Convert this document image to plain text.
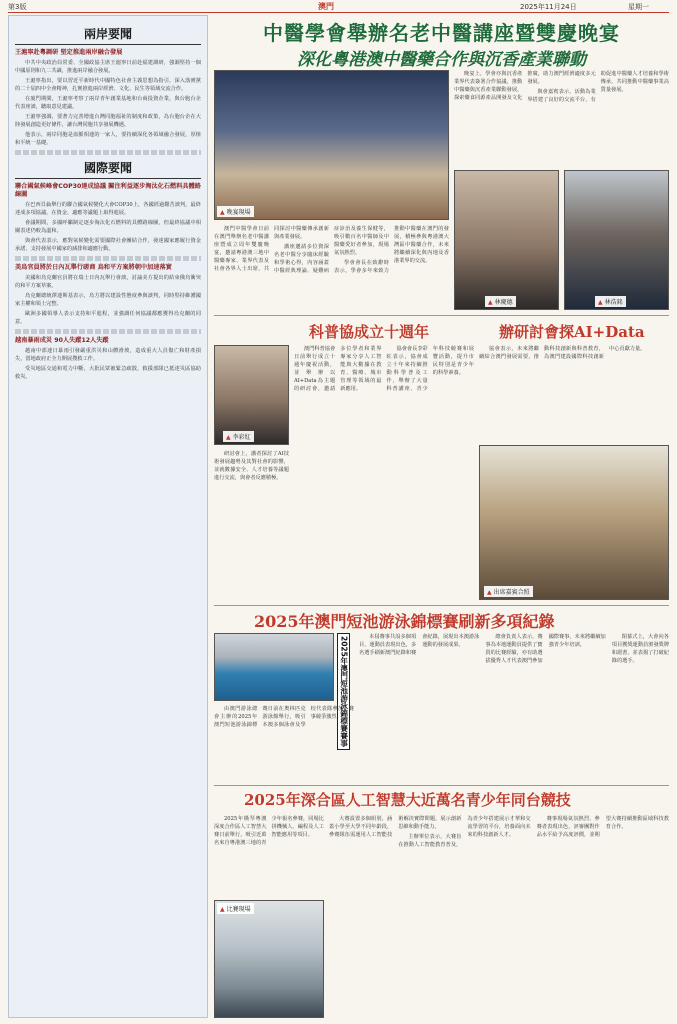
第3版	澳門	2025年11月24日	星期一
兩岸要聞
王滬寧赴粵調研 堅定推進兩岸融合發展

中共中央政治局常委、全國政協主席王滬寧日前赴福建調研，強調堅持一個中國原則和九二共識，推進兩岸融合發展。

王滬寧指出，要以習近平新時代中國特色社會主義思想為指引，深入落實黨的二十屆四中全會精神，扎實推進兩岸經濟、文化、民生等領域交流合作。

在廈門期間，王滬寧考察了兩岸青年創業基地和台商投資企業，與台胞台企代表座談，聽取意見建議。

王滬寧強調，要著力完善增進台灣同胞福祉的制度和政策，為台胞台企在大陸發展創造更好條件，讓台灣同胞共享發展機遇。

他表示，兩岸同胞是血脈相連的一家人，要持續深化各領域融合發展，厚植和平統一基礎。

國際要聞
聯合國氣候峰會COP30達成協議 關注利益逐步淘汰化石燃料具體路線圖

在巴西貝倫舉行的聯合國氣候變化大會COP30上，各國經過艱苦談判，最終達成多項協議，在資金、適應等議題上取得進展。

會議期間，多國呼籲制定逐步淘汰化石燃料的具體路線圖，但最終協議中相關表述仍較為溫和。

與會代表表示，應對氣候變化需要國際社會團結合作，發達國家應履行資金承諾，支持發展中國家的減排和適應行動。

美烏官員將於日內瓦舉行磋商 烏和平方案將朝中加速落實

美國和烏克蘭官員將在瑞士日內瓦舉行會談，討論美方提出的結束俄烏衝突的和平方案草案。

烏克蘭總統澤連斯基表示，烏方將以建設性態度參與談判，同時堅持維護國家主權和領土完整。

歐洲多國領導人表示支持和平進程，並強調任何協議都應獲得烏克蘭的同意。

越南暴雨成災 90人失蹤12人失蹤

越南中部連日暴雨引發嚴重洪災和山體滑坡，造成重大人員傷亡和財產損失，當地政府正全力開展搜救工作。

受災地區交通和電力中斷，大批民眾被緊急疏散，救援部隊已抵達災區協助救災。

中醫學會舉辦名老中醫講座暨雙慶晚宴
深化粵港澳中醫藥合作與沉香產業聯動
▲ 晚宴現場

澳門中醫學會日前在澳門舉辦名老中醫講座暨成立周年雙慶晚宴，邀請粵港澳三地中醫藥專家、業界代表及社會各界人士出席，共同探討中醫藥傳承創新與產業發展。

講座邀請多位資深名老中醫分享臨床經驗和學術心得，內容涵蓋中醫經典理論、疑難病症診治及養生保健等，吸引數百名中醫師及中醫藥愛好者參加，現場氣氛熱烈。

學會會長在致辭時表示，學會多年來致力推動中醫藥在澳門的發展，積極參與粵港澳大灣區中醫藥合作，未來將繼續深化與內地及香港業界的交流。

晚宴上，學會亦與沉香產業界代表簽署合作協議，推動中醫藥與沉香產業聯動發展，探索藥食同源產品開發及文化推廣，助力澳門經濟適度多元發展。

與會嘉賓表示，活動為業界搭建了良好的交流平台，有助促進中醫藥人才培養和學術傳承，共同推動中醫藥事業高質量發展。

▲ 林慶德	▲ 林浩銘
科普協成立十週年	辦研討會探AI+Data
▲ 李彩紅

澳門科普協會日前舉行成立十週年慶祝活動，並舉辦以AI+Data為主題的研討會，邀請多位學者和業界專家分享人工智能與大數據在教育、醫療、城市管理等領域的最新應用。

協會會長李彩紅表示，協會成立十年來持續推動科學普及工作，舉辦了大量科普講座、青少年科技競賽和展覽活動，提升市民特別是青少年的科學素養。

研討會上，講者探討了AI技術發展趨勢及其對社會的影響，並就數據安全、人才培養等議題進行交流，與會者反應積極。

協會表示，未來將繼續結合澳門發展需要，推動科技創新與科普教育，為澳門建設國際科技創新中心貢獻力量。

▲ 出席嘉賓合照
2025年澳門短池游泳錦標賽刷新多項紀錄
2025年澳門短池游泳錦標賽賽事

由澳門游泳總會主辦的2025年澳門短池游泳錦標賽日前在奧林匹克游泳館舉行，吸引本澳多個泳會及學校代表隊參加，賽事競爭激烈。

本屆賽事共設多個項目，運動員表現出色，多名選手刷新澳門紀錄和賽會紀錄，展現出本澳游泳運動的發展成果。

總會負責人表示，賽事為本地運動員提供了寶貴的比賽經驗，亦有助選拔優秀人才代表澳門參加國際賽事，未來將繼續加強青少年培訓。

閉幕式上，大會向各項目獲獎運動員頒發獎牌和證書，並表揚了打破紀錄的選手。

2025年深合區人工智慧大近萬名青少年同台競技

2025年橫琴粵澳深度合作區人工智慧大賽日前舉行，吸引近萬名來自粵港澳三地的青少年報名參賽，同場比拼機械人、編程及人工智能應用等項目。

▲ 比賽現場

大賽設置多個組別，涵蓋小學至大學不同年齡段，參賽隊伍需運用人工智能技術解決實際問題，展示創新思維和動手能力。

主辦單位表示，大賽旨在推動人工智能教育普及，為青少年搭建展示才華和交流學習的平台，培養面向未來的科技創新人才。

賽事現場氣氛熱烈，參賽者表現出色，評審團對作品水平給予高度評價，並期望大賽持續推動區域科技教育合作。
